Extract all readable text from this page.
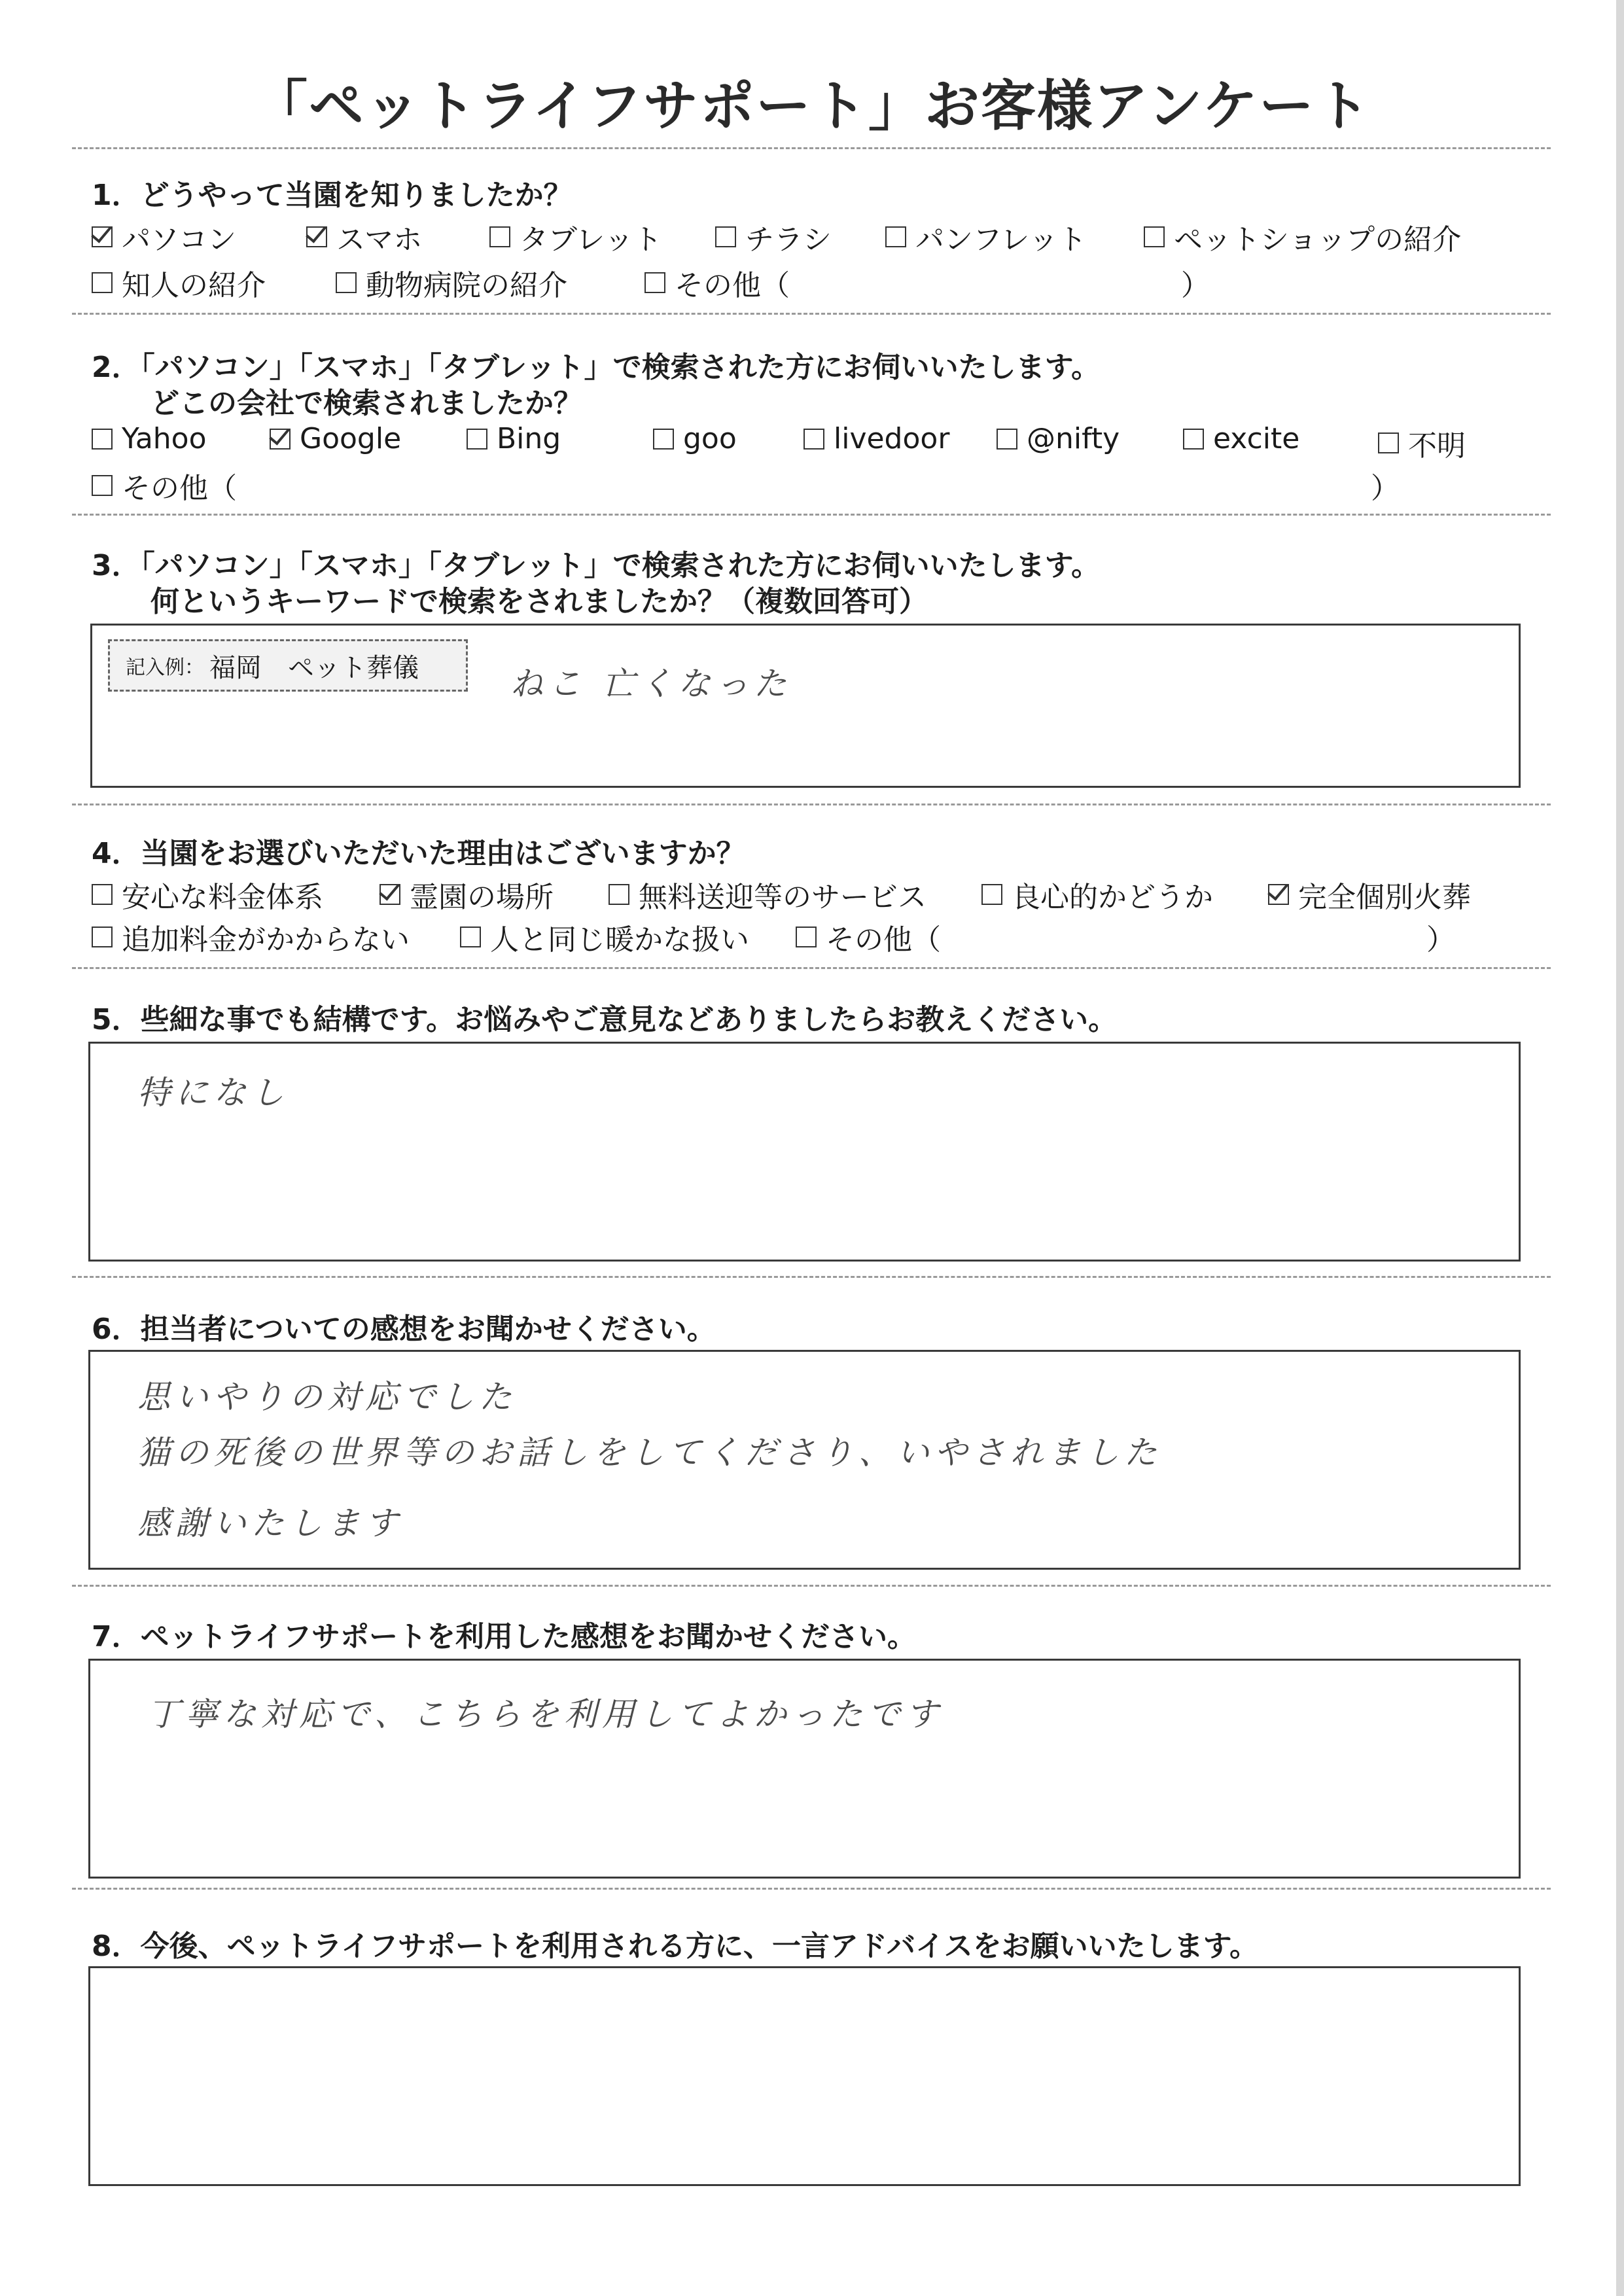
「ペットライフサポート」お客様アンケート
1．どうやって当園を知りましたか？
パソコン	スマホ	タブレット	チラシ	パンフレット	ペットショップの紹介
知人の紹介	動物病院の紹介	その他（	）
2．「パソコン」「スマホ」「タブレット」で検索された方にお伺いいたします。
どこの会社で検索されましたか？
Yahoo	Google	Bing	goo	livedoor	@nifty	excite	不明
その他（	）
3．「パソコン」「スマホ」「タブレット」で検索された方にお伺いいたします。
何というキーワードで検索をされましたか？（複数回答可）
記入例： 福岡　ペット葬儀	ねこ 亡くなった
4．当園をお選びいただいた理由はございますか？
安心な料金体系	霊園の場所	無料送迎等のサービス	良心的かどうか	完全個別火葬
追加料金がかからない	人と同じ暖かな扱い	その他（	）
5．些細な事でも結構です。お悩みやご意見などありましたらお教えください。
特になし
6．担当者についての感想をお聞かせください。
思いやりの対応でした
猫の死後の世界等のお話しをしてくださり、いやされました
感謝いたします
7．ペットライフサポートを利用した感想をお聞かせください。
丁寧な対応で、こちらを利用してよかったです
8．今後、ペットライフサポートを利用される方に、一言アドバイスをお願いいたします。
